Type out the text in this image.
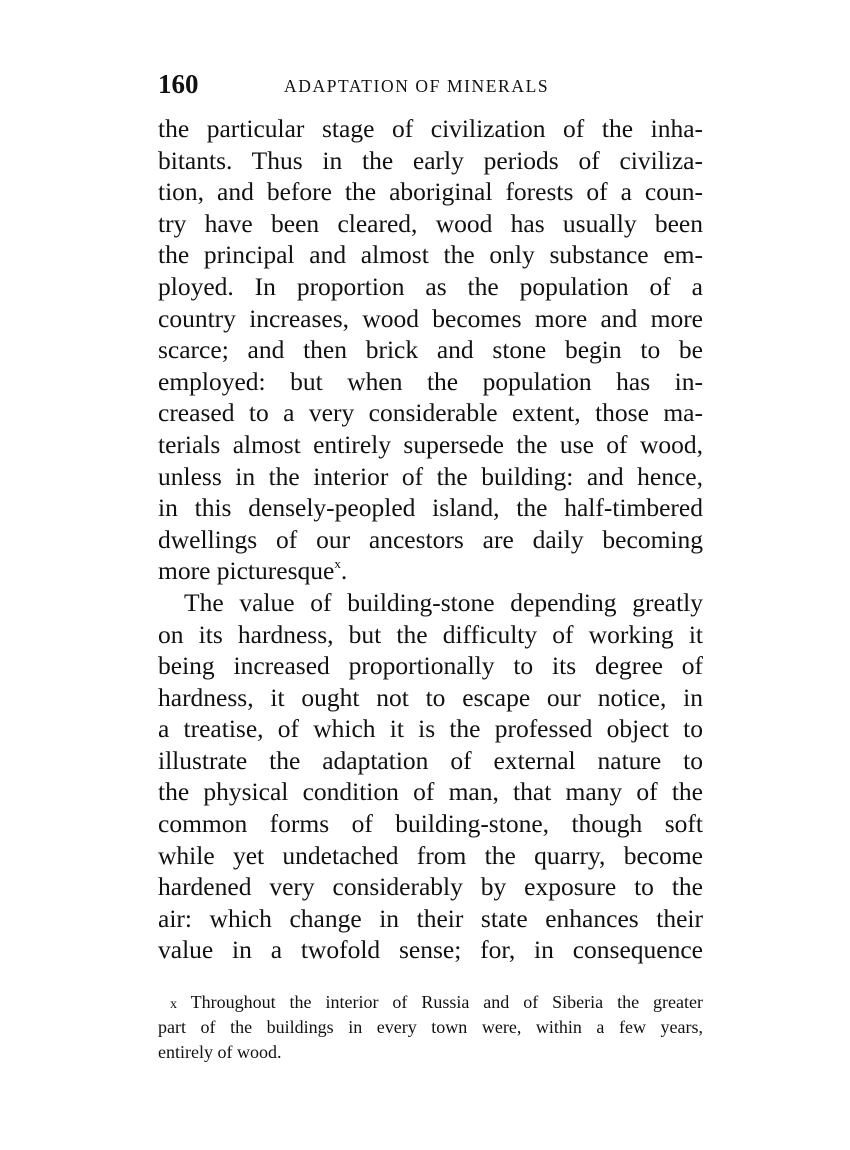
160	ADAPTATION OF MINERALS
the particular stage of civilization of the inha-
bitants. Thus in the early periods of civiliza-
tion, and before the aboriginal forests of a coun-
try have been cleared, wood has usually been
the principal and almost the only substance em-
ployed. In proportion as the population of a
country increases, wood becomes more and more
scarce; and then brick and stone begin to be
employed: but when the population has in-
creased to a very considerable extent, those ma-
terials almost entirely supersede the use of wood,
unless in the interior of the building: and hence,
in this densely-peopled island, the half-timbered
dwellings of our ancestors are daily becoming
more picturesque$^x$.
The value of building-stone depending greatly
on its hardness, but the difficulty of working it
being increased proportionally to its degree of
hardness, it ought not to escape our notice, in
a treatise, of which it is the professed object to
illustrate the adaptation of external nature to
the physical condition of man, that many of the
common forms of building-stone, though soft
while yet undetached from the quarry, become
hardened very considerably by exposure to the
air: which change in their state enhances their
value in a twofold sense; for, in consequence
x Throughout the interior of Russia and of Siberia the greater
part of the buildings in every town were, within a few years,
entirely of wood.
